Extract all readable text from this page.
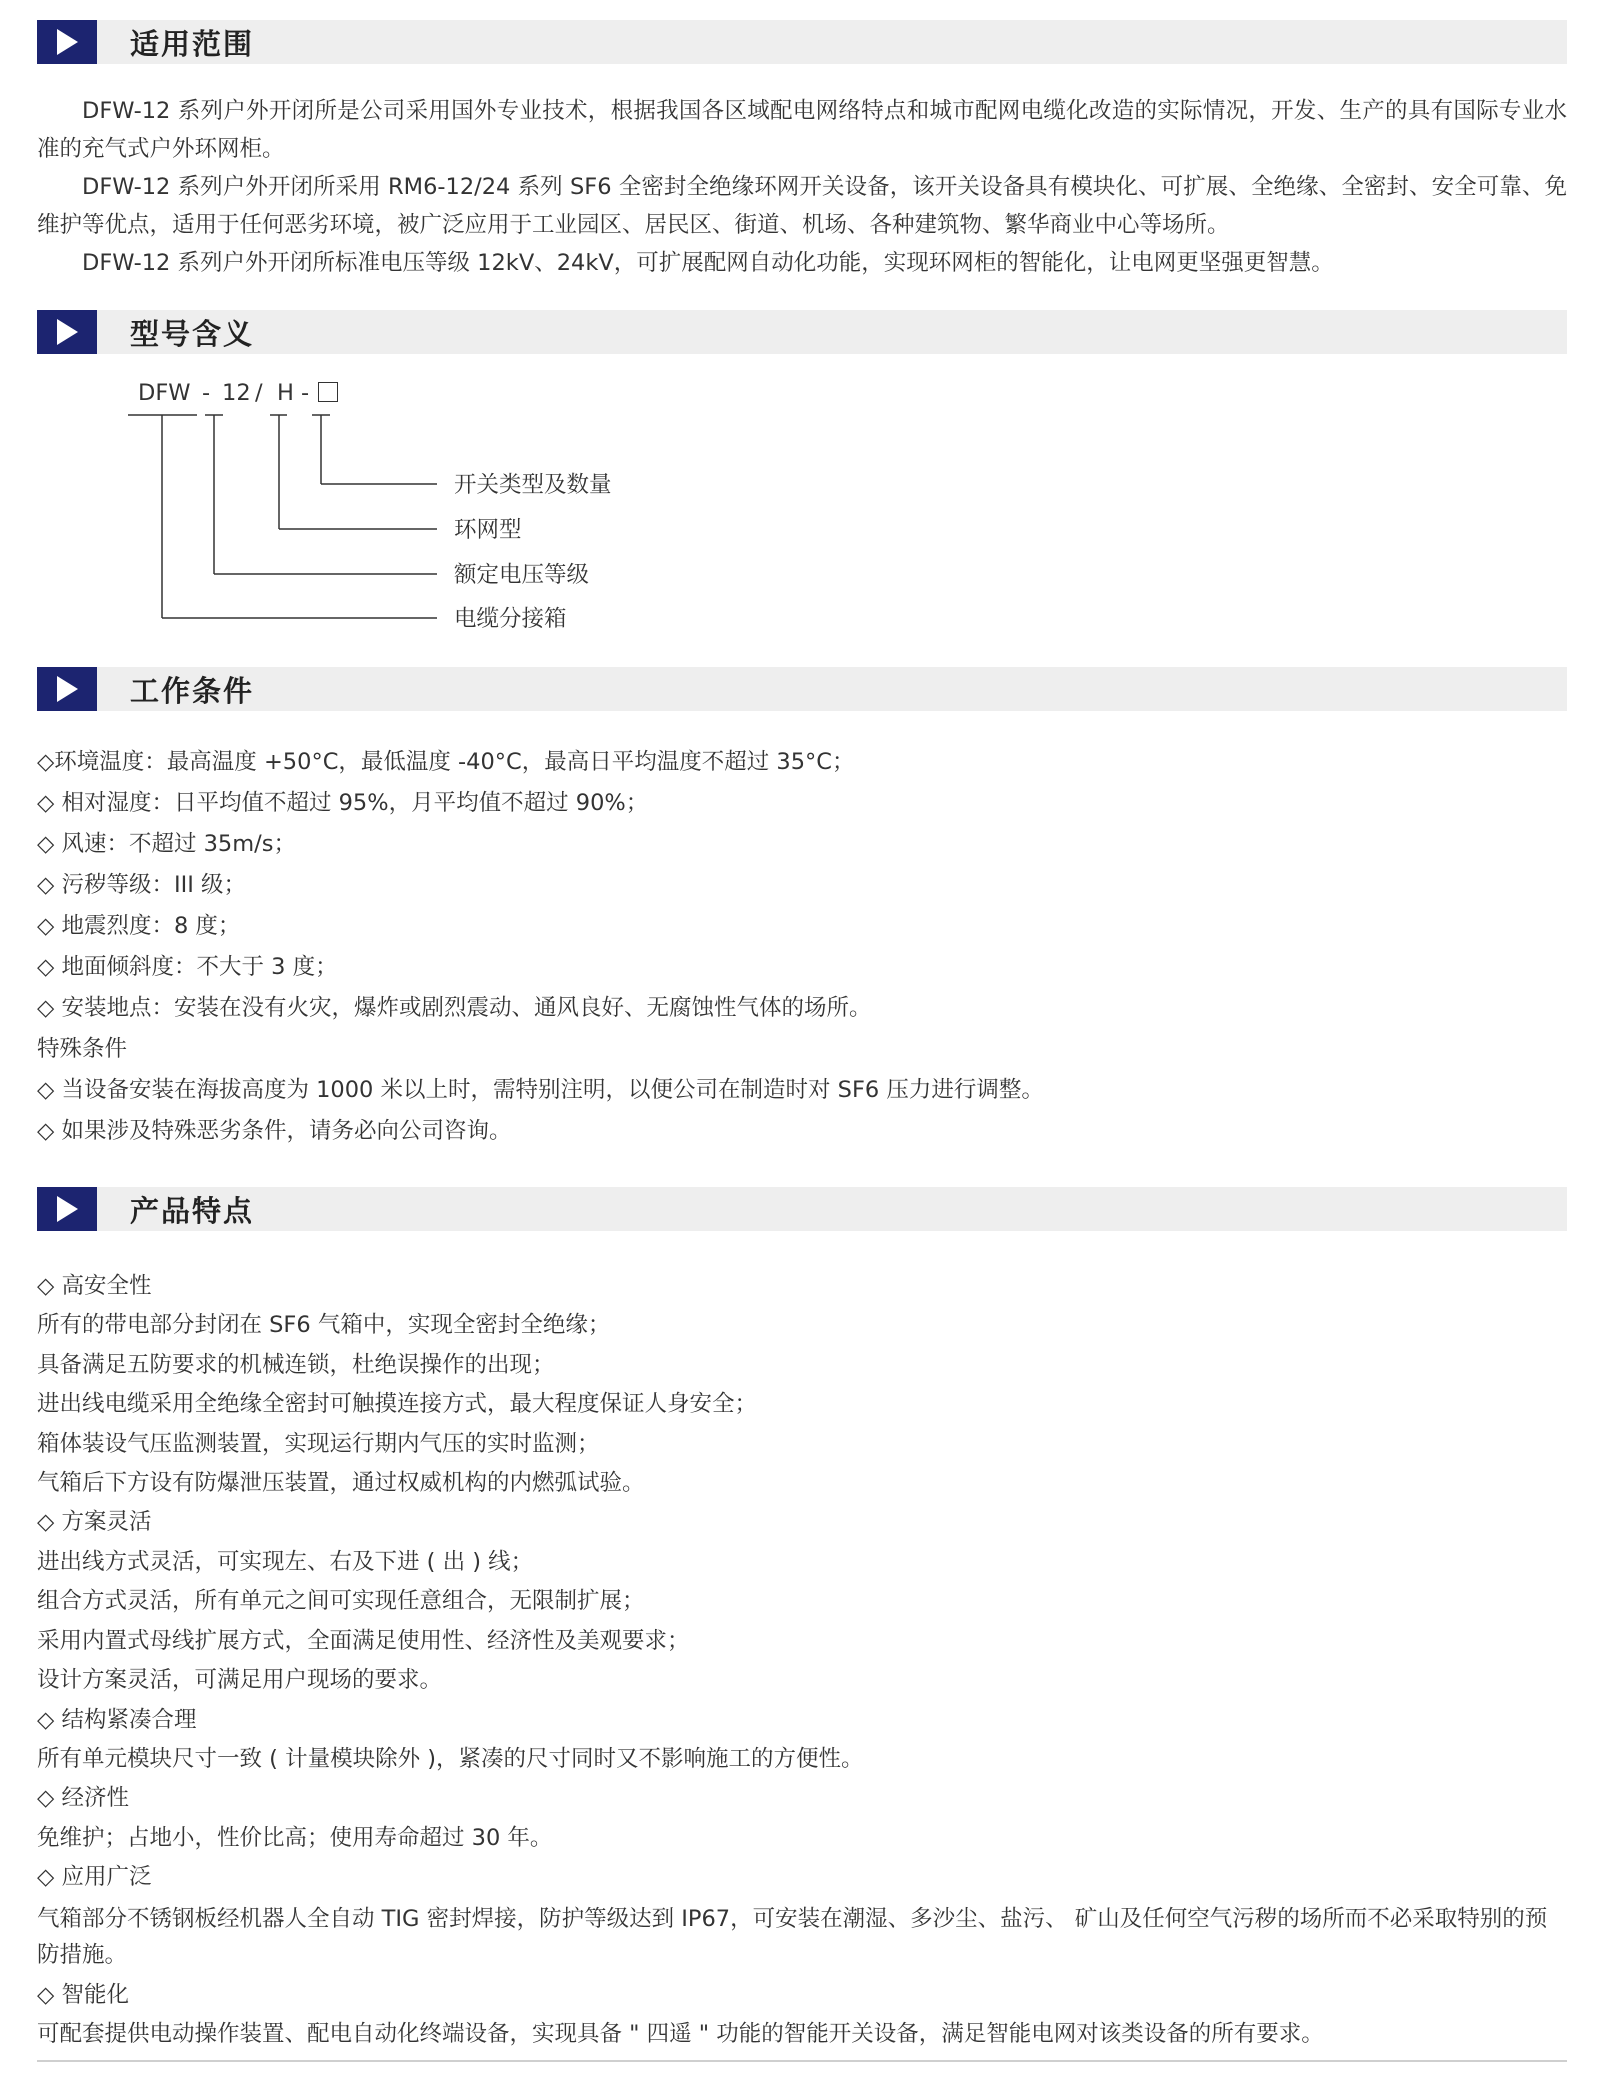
适用范围
DFW-12 系列户外开闭所是公司采用国外专业技术，根据我国各区域配电网络特点和城市配网电缆化改造的实际情况，开发、生产的具有国际专业水准的充气式户外环网柜。
DFW-12 系列户外开闭所采用 RM6-12/24 系列 SF6 全密封全绝缘环网开关设备，该开关设备具有模块化、可扩展、全绝缘、全密封、安全可靠、免维护等优点，适用于任何恶劣环境，被广泛应用于工业园区、居民区、街道、机场、各种建筑物、繁华商业中心等场所。
DFW-12 系列户外开闭所标准电压等级 12kV、24kV，可扩展配网自动化功能，实现环网柜的智能化，让电网更坚强更智慧。
型号含义
DFW - 12 / H -
开关类型及数量
环网型
额定电压等级
电缆分接箱
工作条件
◇环境温度：最高温度 +50°C，最低温度 -40°C，最高日平均温度不超过 35°C；
◇ 相对湿度：日平均值不超过 95%，月平均值不超过 90%；
◇ 风速：不超过 35m/s；
◇ 污秽等级：III 级；
◇ 地震烈度：8 度；
◇ 地面倾斜度：不大于 3 度；
◇ 安装地点：安装在没有火灾，爆炸或剧烈震动、通风良好、无腐蚀性气体的场所。
特殊条件
◇ 当设备安装在海拔高度为 1000 米以上时，需特别注明，以便公司在制造时对 SF6 压力进行调整。
◇ 如果涉及特殊恶劣条件，请务必向公司咨询。
产品特点
◇ 高安全性
所有的带电部分封闭在 SF6 气箱中，实现全密封全绝缘；
具备满足五防要求的机械连锁，杜绝误操作的出现；
进出线电缆采用全绝缘全密封可触摸连接方式，最大程度保证人身安全；
箱体装设气压监测装置，实现运行期内气压的实时监测；
气箱后下方设有防爆泄压装置，通过权威机构的内燃弧试验。
◇ 方案灵活
进出线方式灵活，可实现左、右及下进 ( 出 ) 线；
组合方式灵活，所有单元之间可实现任意组合，无限制扩展；
采用内置式母线扩展方式，全面满足使用性、经济性及美观要求；
设计方案灵活，可满足用户现场的要求。
◇ 结构紧凑合理
所有单元模块尺寸一致 ( 计量模块除外 )，紧凑的尺寸同时又不影响施工的方便性。
◇ 经济性
免维护；占地小，性价比高；使用寿命超过 30 年。
◇ 应用广泛
气箱部分不锈钢板经机器人全自动 TIG 密封焊接，防护等级达到 IP67，可安装在潮湿、多沙尘、盐污、 矿山及任何空气污秽的场所而不必采取特别的预防措施。
◇ 智能化
可配套提供电动操作装置、配电自动化终端设备，实现具备 " 四遥 " 功能的智能开关设备，满足智能电网对该类设备的所有要求。
